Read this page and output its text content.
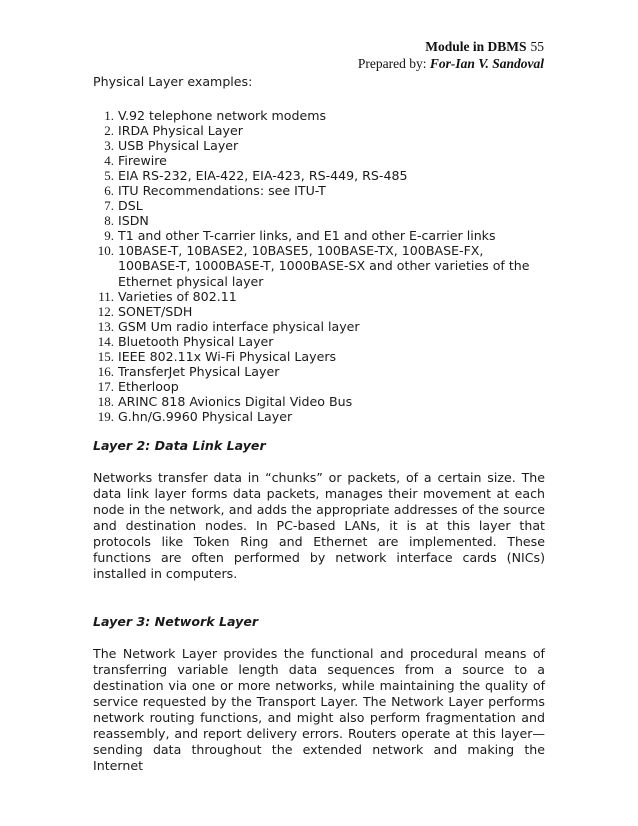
Module in DBMS 55
Prepared by: For-Ian V. Sandoval

Physical Layer examples:

1. V.92 telephone network modems
2. IRDA Physical Layer
3. USB Physical Layer
4. Firewire
5. EIA RS-232, EIA-422, EIA-423, RS-449, RS-485
6. ITU Recommendations: see ITU-T
7. DSL
8. ISDN
9. T1 and other T-carrier links, and E1 and other E-carrier links
10. 10BASE-T, 10BASE2, 10BASE5, 100BASE-TX, 100BASE-FX, 100BASE-T, 1000BASE-T, 1000BASE-SX and other varieties of the Ethernet physical layer
11. Varieties of 802.11
12. SONET/SDH
13. GSM Um radio interface physical layer
14. Bluetooth Physical Layer
15. IEEE 802.11x Wi-Fi Physical Layers
16. TransferJet Physical Layer
17. Etherloop
18. ARINC 818 Avionics Digital Video Bus
19. G.hn/G.9960 Physical Layer

Layer 2: Data Link Layer

Networks transfer data in “chunks” or packets, of a certain size. The data link layer forms data packets, manages their movement at each node in the network, and adds the appropriate addresses of the source and destination nodes. In PC-based LANs, it is at this layer that protocols like Token Ring and Ethernet are implemented. These functions are often performed by network interface cards (NICs) installed in computers.

Layer 3: Network Layer

The Network Layer provides the functional and procedural means of transferring variable length data sequences from a source to a destination via one or more networks, while maintaining the quality of service requested by the Transport Layer. The Network Layer performs network routing functions, and might also perform fragmentation and reassembly, and report delivery errors. Routers operate at this layer—sending data throughout the extended network and making the Internet
